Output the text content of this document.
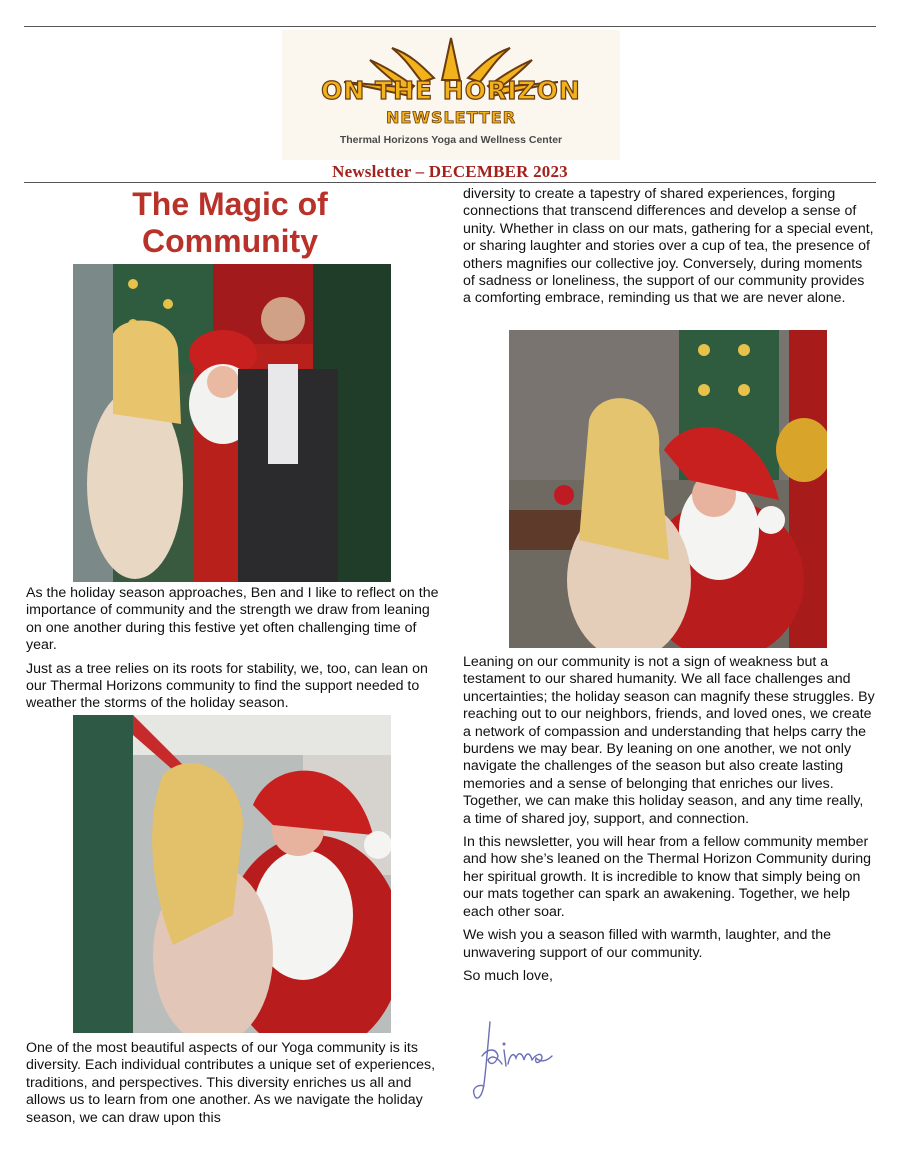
ON THE HORIZON
NEWSLETTER
Thermal Horizons Yoga and Wellness Center
Newsletter – DECEMBER 2023
The Magic of Community

As the holiday season approaches, Ben and I like to reflect on the importance of community and the strength we draw from leaning on one another during this festive yet often challenging time of year.

Just as a tree relies on its roots for stability, we, too, can lean on our Thermal Horizons community to find the support needed to weather the storms of the holiday season.

One of the most beautiful aspects of our Yoga community is its diversity. Each individual contributes a unique set of experiences, traditions, and perspectives. This diversity enriches us all and allows us to learn from one another. As we navigate the holiday season, we can draw upon this

diversity to create a tapestry of shared experiences, forging connections that transcend differences and develop a sense of unity. Whether in class on our mats, gathering for a special event, or sharing laughter and stories over a cup of tea, the presence of others magnifies our collective joy. Conversely, during moments of sadness or loneliness, the support of our community provides a comforting embrace, reminding us that we are never alone.

Leaning on our community is not a sign of weakness but a testament to our shared humanity. We all face challenges and uncertainties; the holiday season can magnify these struggles. By reaching out to our neighbors, friends, and loved ones, we create a network of compassion and understanding that helps carry the burdens we may bear. By leaning on one another, we not only navigate the challenges of the season but also create lasting memories and a sense of belonging that enriches our lives. Together, we can make this holiday season, and any time really, a time of shared joy, support, and connection.

In this newsletter, you will hear from a fellow community member and how she’s leaned on the Thermal Horizon Community during her spiritual growth. It is incredible to know that simply being on our mats together can spark an awakening. Together, we help each other soar.

We wish you a season filled with warmth, laughter, and the unwavering support of our community.

So much love,
